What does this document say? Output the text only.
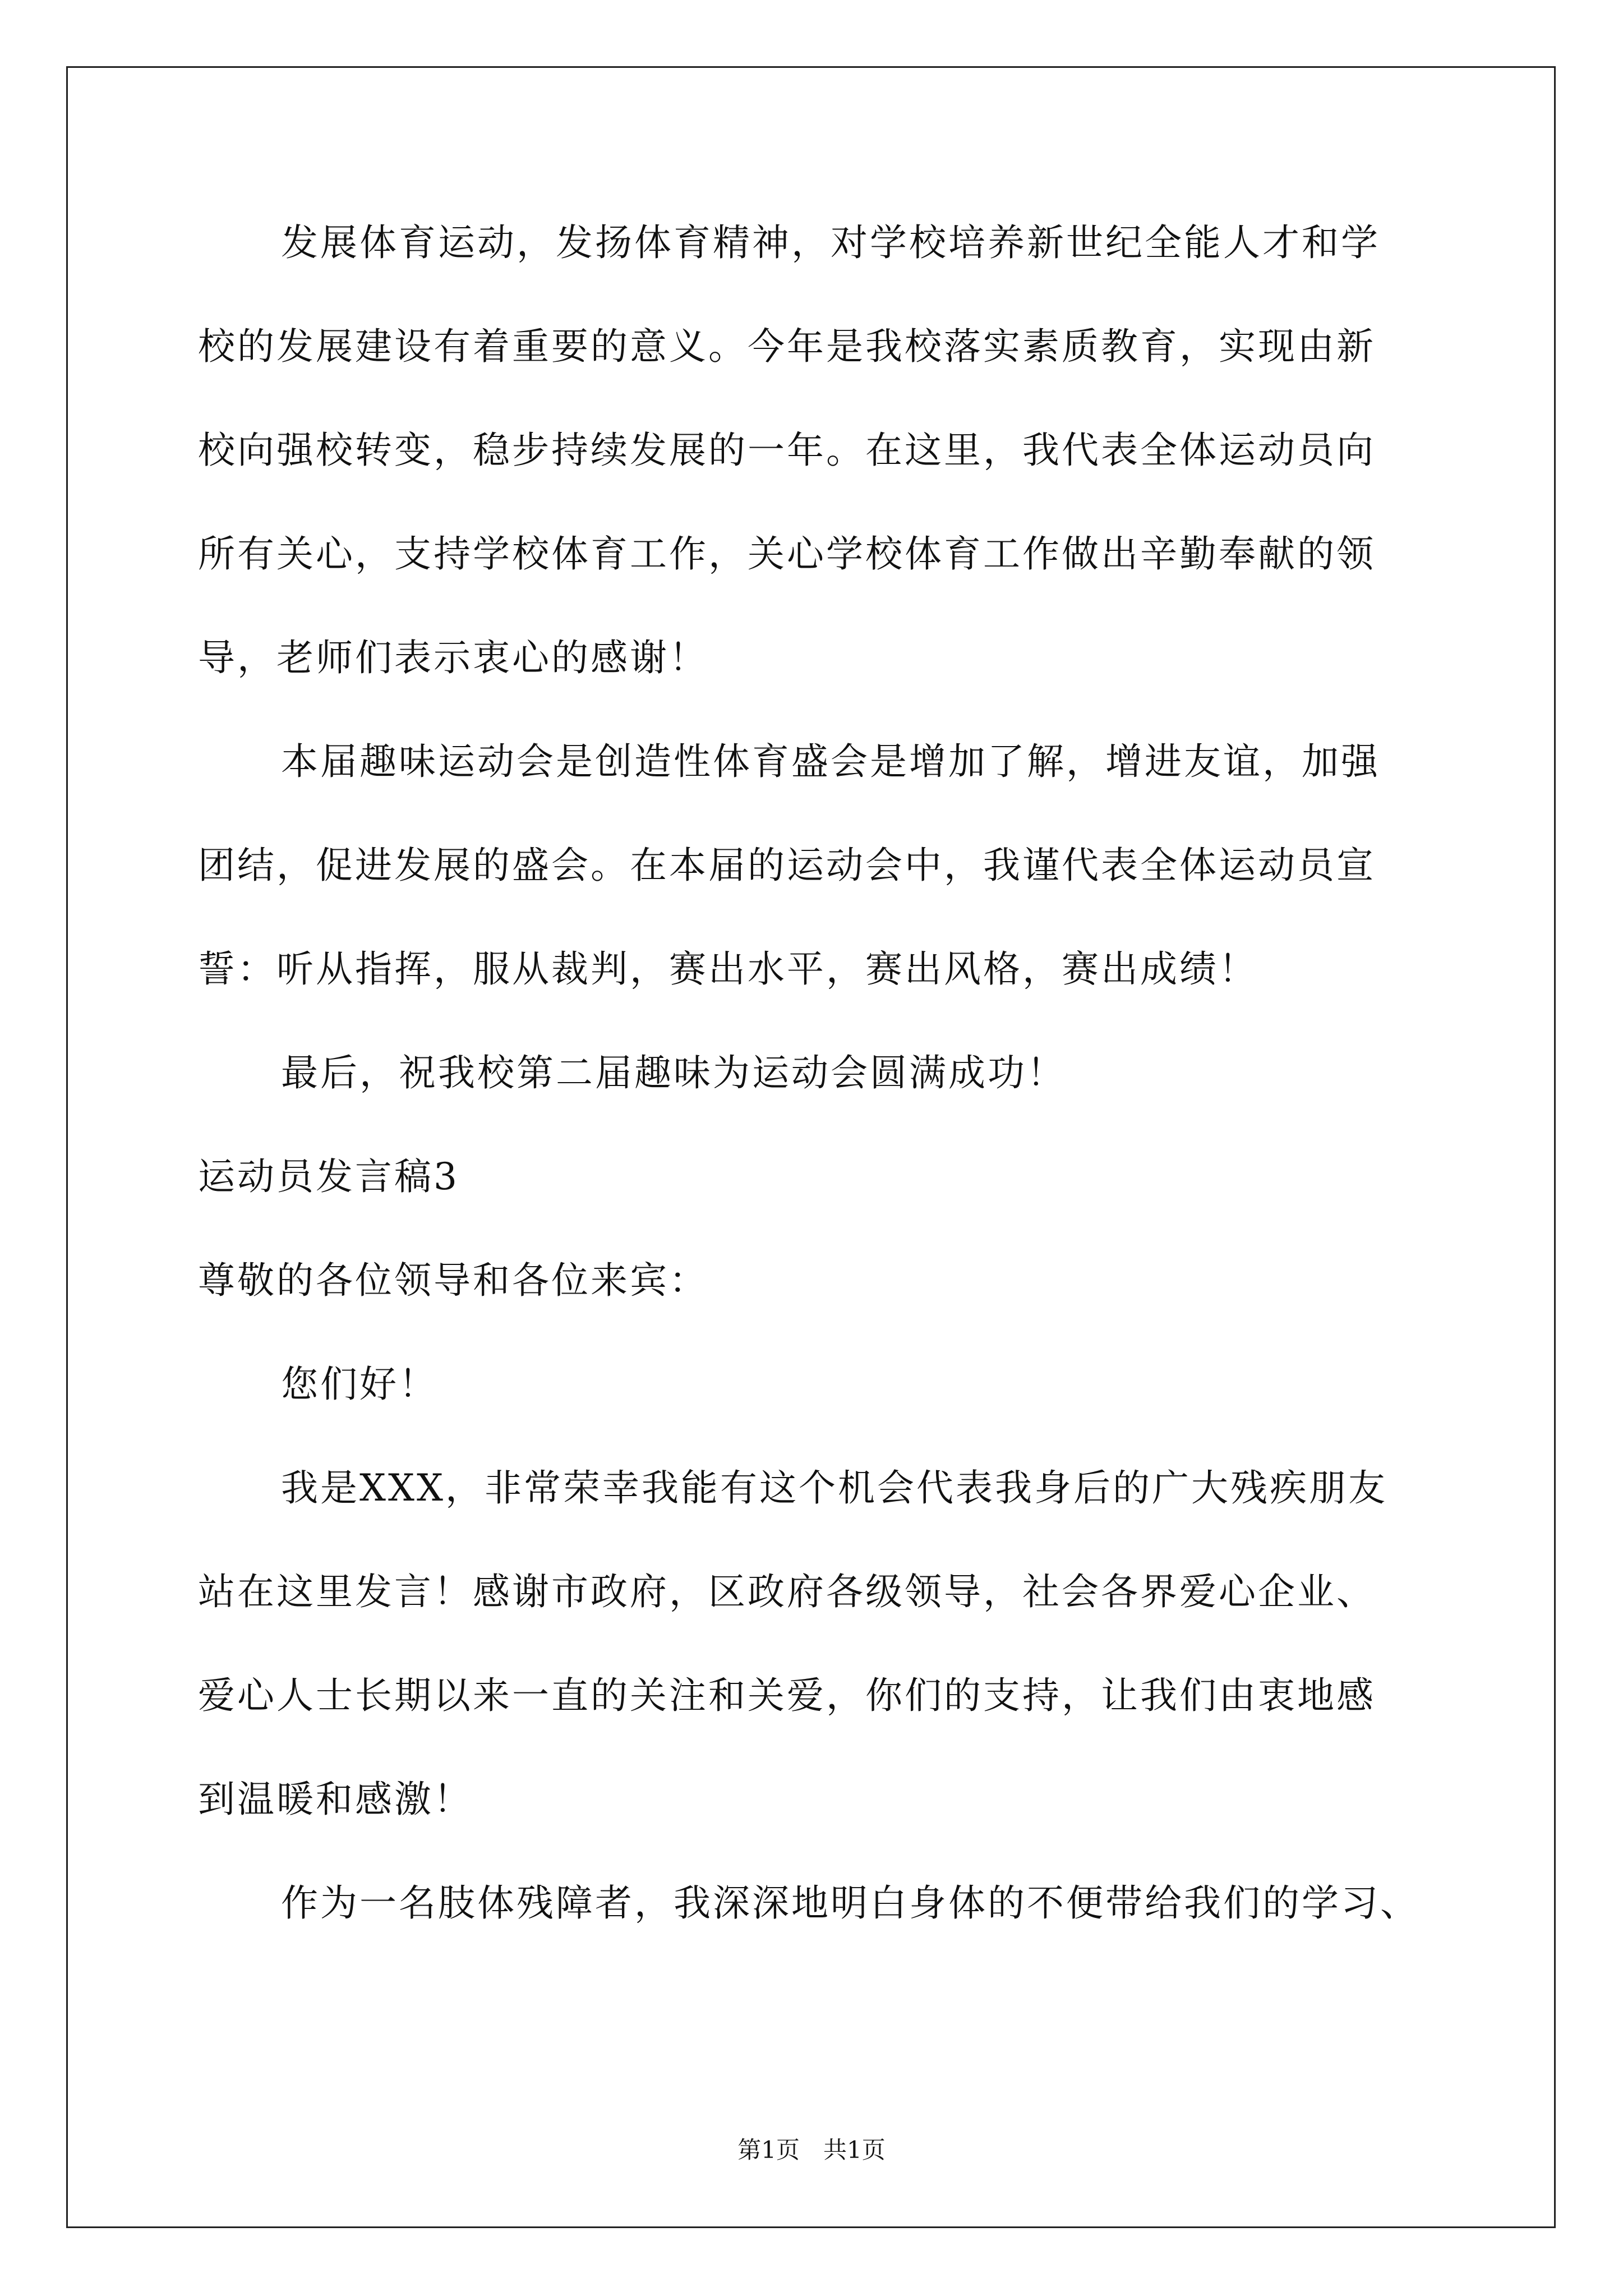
发展体育运动，发扬体育精神，对学校培养新世纪全能人才和学
校的发展建设有着重要的意义。今年是我校落实素质教育，实现由新
校向强校转变，稳步持续发展的一年。在这里，我代表全体运动员向
所有关心，支持学校体育工作，关心学校体育工作做出辛勤奉献的领
导，老师们表示衷心的感谢！
本届趣味运动会是创造性体育盛会是增加了解，增进友谊，加强
团结，促进发展的盛会。在本届的运动会中，我谨代表全体运动员宣
誓：听从指挥，服从裁判，赛出水平，赛出风格，赛出成绩！
最后，祝我校第二届趣味为运动会圆满成功！
运动员发言稿3
尊敬的各位领导和各位来宾：
您们好！
我是XXX，非常荣幸我能有这个机会代表我身后的广大残疾朋友
站在这里发言！感谢市政府，区政府各级领导，社会各界爱心企业、
爱心人士长期以来一直的关注和关爱，你们的支持，让我们由衷地感
到温暖和感激！
作为一名肢体残障者，我深深地明白身体的不便带给我们的学习、
第1页　共1页
